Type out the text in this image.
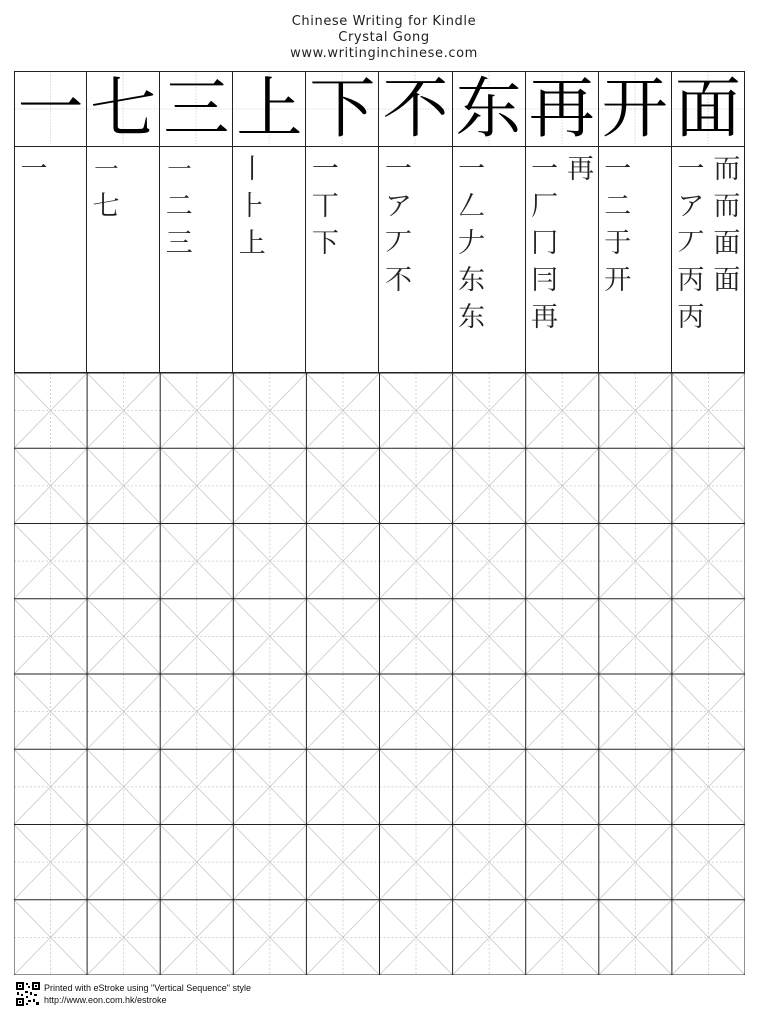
Chinese Writing for Kindle
Crystal Gong
www.writinginchinese.com
一 七 三 上 下 不 东 再 开 面
一 ㇐
七
㇐
二
三
丨
⺊
上
一
丅
下
一
ア
丆
不
一
𠃋
𠂇
东
东
一
厂
冂
冃
再
再 一
二
于
开
一
ア
丆
丙
丙
而
而
面
面
Printed with eStroke using "Vertical Sequence" style
http://www.eon.com.hk/estroke
